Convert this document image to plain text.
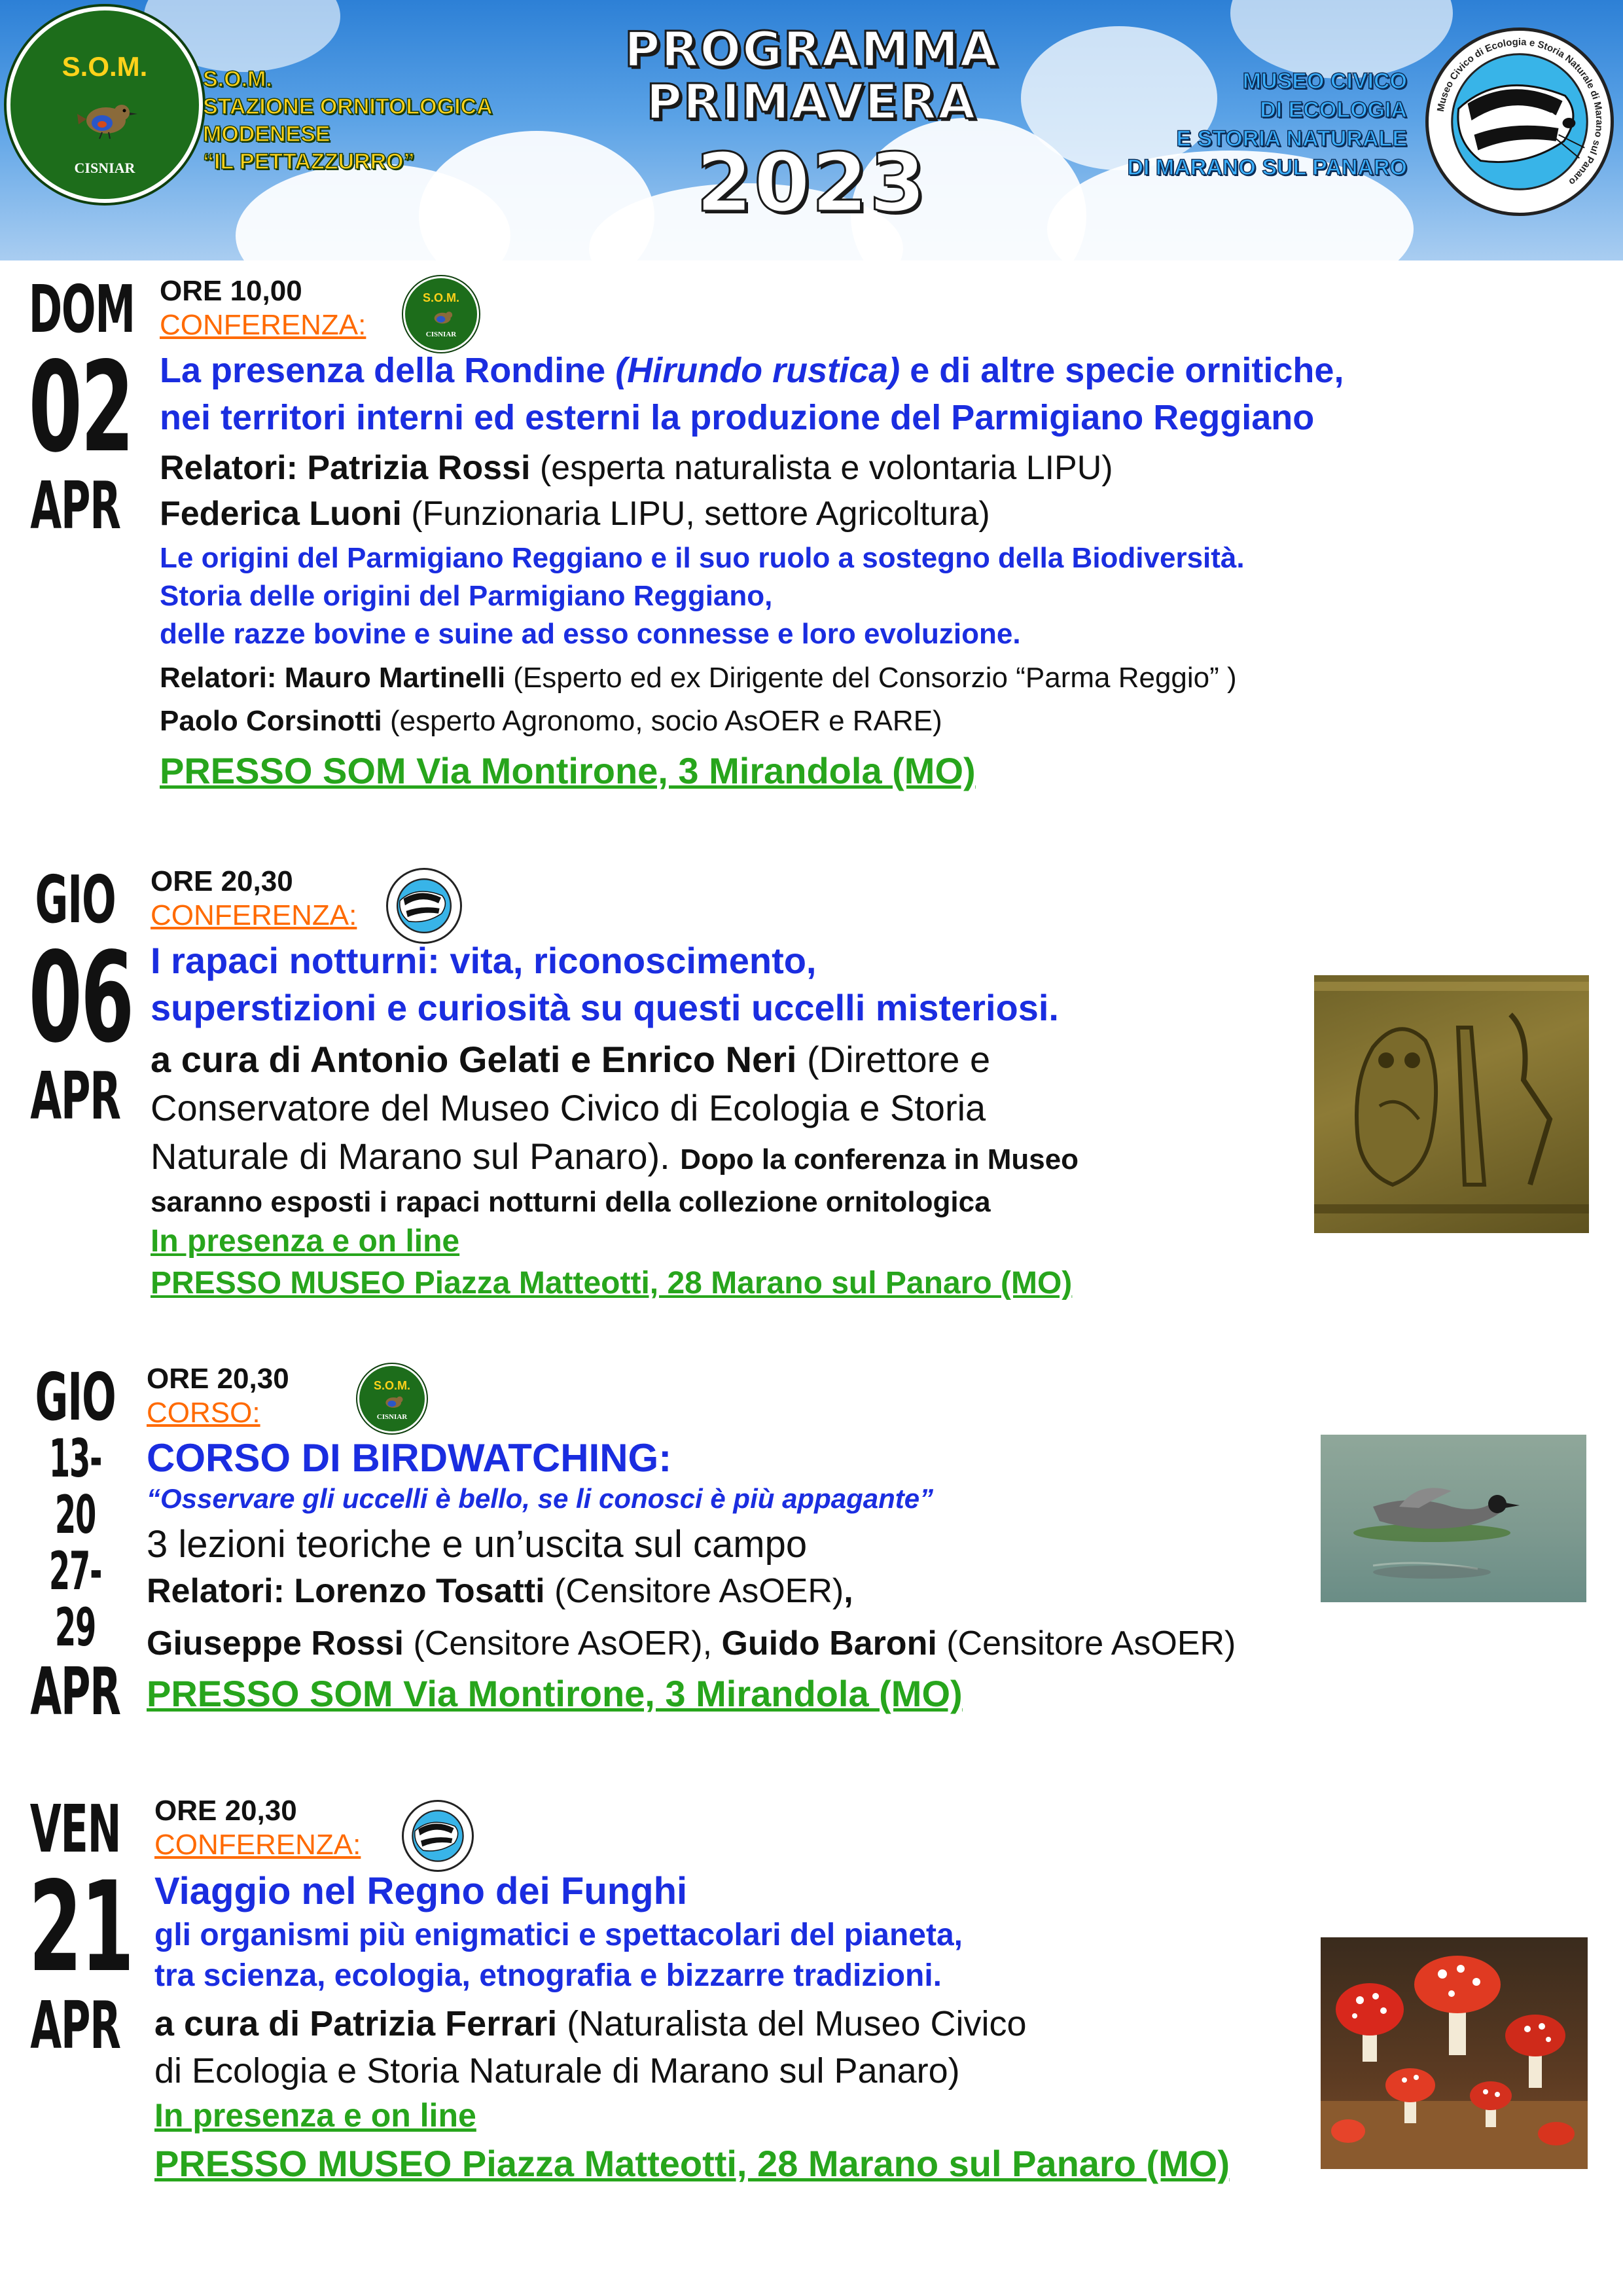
S.O.M.
CISNIAR
S.O.M.
STAZIONE ORNITOLOGICA
MODENESE
“IL PETTAZZURRO”
PROGRAMMA
PRIMAVERA
2023
MUSEO CIVICO
DI ECOLOGIA
E STORIA NATURALE
DI MARANO SUL PANARO
Museo Civico di Ecologia e Storia Naturale di Marano sul Panaro
DOM
02
APR
S.O.M.
CISNIAR
ORE 10,00
CONFERENZA:
La presenza della Rondine (Hirundo rustica) e di altre specie ornitiche,
nei territori interni ed esterni la produzione del Parmigiano Reggiano
Relatori: Patrizia Rossi (esperta naturalista e volontaria LIPU)
Federica Luoni (Funzionaria LIPU, settore Agricoltura)
Le origini del Parmigiano Reggiano e il suo ruolo a sostegno della Biodiversità.
Storia delle origini del Parmigiano Reggiano,
delle razze bovine e suine ad esso connesse e loro evoluzione.
Relatori: Mauro Martinelli (Esperto ed ex Dirigente del Consorzio “Parma Reggio” )
Paolo Corsinotti (esperto Agronomo, socio AsOER e RARE)
PRESSO SOM Via Montirone, 3 Mirandola (MO)
GIO
06
APR
ORE 20,30
CONFERENZA:
I rapaci notturni: vita, riconoscimento,
superstizioni e curiosità su questi uccelli misteriosi.
a cura di Antonio Gelati e Enrico Neri (Direttore e
Conservatore del Museo Civico di Ecologia e Storia
Naturale di Marano sul Panaro). Dopo la conferenza in Museo
saranno esposti i rapaci notturni della collezione ornitologica
In presenza e on line
PRESSO MUSEO Piazza Matteotti, 28 Marano sul Panaro (MO)
GIO
13-20
27-29
APR
S.O.M.
CISNIAR
ORE 20,30
CORSO:
CORSO DI BIRDWATCHING:
“Osservare gli uccelli è bello, se li conosci è più appagante”
3 lezioni teoriche e un’uscita sul campo
Relatori: Lorenzo Tosatti (Censitore AsOER),
Giuseppe Rossi (Censitore AsOER), Guido Baroni (Censitore AsOER)
PRESSO SOM Via Montirone, 3 Mirandola (MO)
VEN
21
APR
ORE 20,30
CONFERENZA:
Viaggio nel Regno dei Funghi
gli organismi più enigmatici e spettacolari del pianeta,
tra scienza, ecologia, etnografia e bizzarre tradizioni.
a cura di Patrizia Ferrari (Naturalista del Museo Civico
di Ecologia e Storia Naturale di Marano sul Panaro)
In presenza e on line
PRESSO MUSEO Piazza Matteotti, 28 Marano sul Panaro (MO)
